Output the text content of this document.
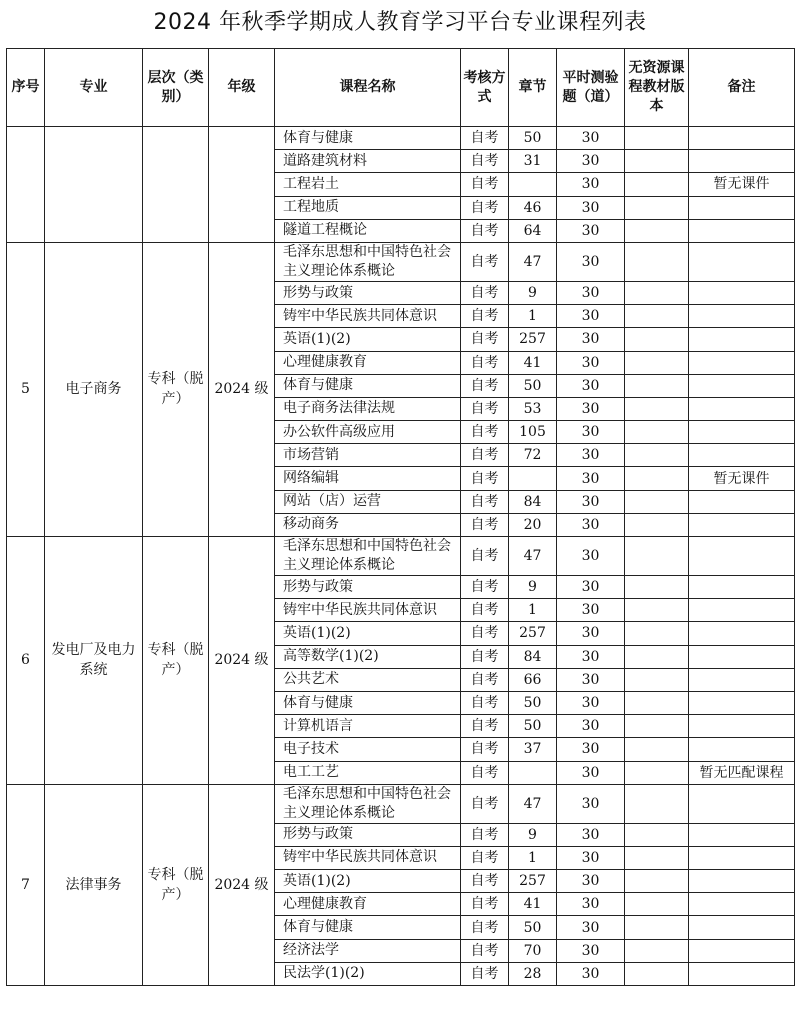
2024 年秋季学期成人教育学习平台专业课程列表
序号	专业	层次（类别）	年级	课程名称	考核方式	章节	平时测验题（道）	无资源课程教材版本	备注
				体育与健康	自考	50	30		
				道路建筑材料	自考	31	30		
				工程岩土	自考		30		暂无课件
				工程地质	自考	46	30		
				隧道工程概论	自考	64	30		
5	电子商务	专科（脱产）	2024 级	毛泽东思想和中国特色社会主义理论体系概论	自考	47	30		
				形势与政策	自考	9	30		
				铸牢中华民族共同体意识	自考	1	30		
				英语(1)(2)	自考	257	30		
				心理健康教育	自考	41	30		
				体育与健康	自考	50	30		
				电子商务法律法规	自考	53	30		
				办公软件高级应用	自考	105	30		
				市场营销	自考	72	30		
				网络编辑	自考		30		暂无课件
				网站（店）运营	自考	84	30		
				移动商务	自考	20	30		
6	发电厂及电力系统	专科（脱产）	2024 级	毛泽东思想和中国特色社会主义理论体系概论	自考	47	30		
				形势与政策	自考	9	30		
				铸牢中华民族共同体意识	自考	1	30		
				英语(1)(2)	自考	257	30		
				高等数学(1)(2)	自考	84	30		
				公共艺术	自考	66	30		
				体育与健康	自考	50	30		
				计算机语言	自考	50	30		
				电子技术	自考	37	30		
				电工工艺	自考		30		暂无匹配课程
7	法律事务	专科（脱产）	2024 级	毛泽东思想和中国特色社会主义理论体系概论	自考	47	30		
				形势与政策	自考	9	30		
				铸牢中华民族共同体意识	自考	1	30		
				英语(1)(2)	自考	257	30		
				心理健康教育	自考	41	30		
				体育与健康	自考	50	30		
				经济法学	自考	70	30		
				民法学(1)(2)	自考	28	30		
